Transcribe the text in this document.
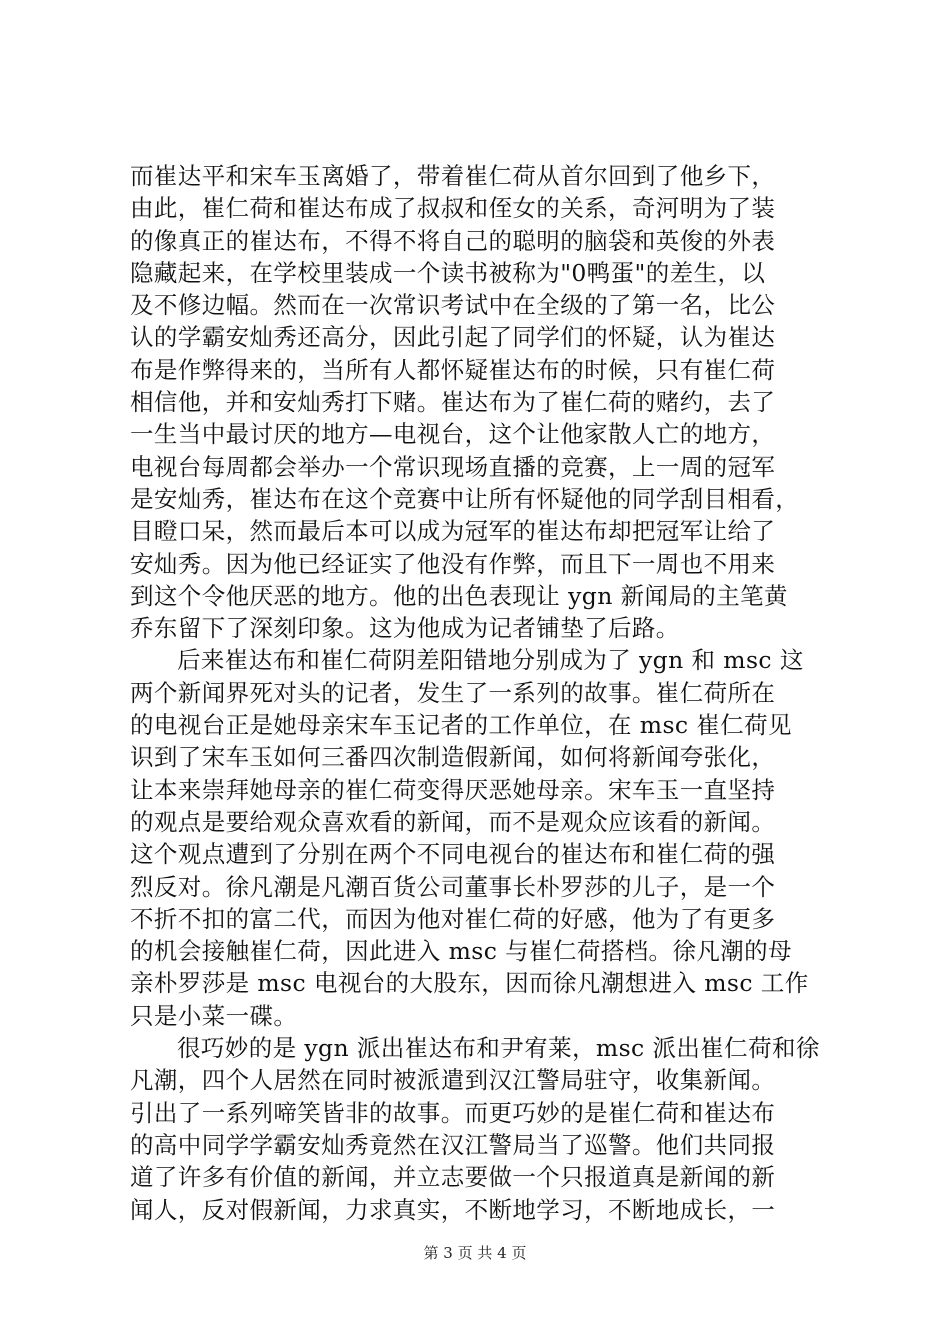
而崔达平和宋车玉离婚了，带着崔仁荷从首尔回到了他乡下，
由此，崔仁荷和崔达布成了叔叔和侄女的关系，奇河明为了装
的像真正的崔达布，不得不将自己的聪明的脑袋和英俊的外表
隐藏起来，在学校里装成一个读书被称为"0鸭蛋"的差生，以
及不修边幅。然而在一次常识考试中在全级的了第一名，比公
认的学霸安灿秀还高分，因此引起了同学们的怀疑，认为崔达
布是作弊得来的，当所有人都怀疑崔达布的时候，只有崔仁荷
相信他，并和安灿秀打下赌。崔达布为了崔仁荷的赌约，去了
一生当中最讨厌的地方—电视台，这个让他家散人亡的地方，
电视台每周都会举办一个常识现场直播的竞赛，上一周的冠军
是安灿秀，崔达布在这个竞赛中让所有怀疑他的同学刮目相看，
目瞪口呆，然而最后本可以成为冠军的崔达布却把冠军让给了
安灿秀。因为他已经证实了他没有作弊，而且下一周也不用来
到这个令他厌恶的地方。他的出色表现让 ygn 新闻局的主笔黄
乔东留下了深刻印象。这为他成为记者铺垫了后路。
后来崔达布和崔仁荷阴差阳错地分别成为了 ygn 和 msc 这
两个新闻界死对头的记者，发生了一系列的故事。崔仁荷所在
的电视台正是她母亲宋车玉记者的工作单位，在 msc 崔仁荷见
识到了宋车玉如何三番四次制造假新闻，如何将新闻夸张化，
让本来崇拜她母亲的崔仁荷变得厌恶她母亲。宋车玉一直坚持
的观点是要给观众喜欢看的新闻，而不是观众应该看的新闻。
这个观点遭到了分别在两个不同电视台的崔达布和崔仁荷的强
烈反对。徐凡潮是凡潮百货公司董事长朴罗莎的儿子，是一个
不折不扣的富二代，而因为他对崔仁荷的好感，他为了有更多
的机会接触崔仁荷，因此进入 msc 与崔仁荷搭档。徐凡潮的母
亲朴罗莎是 msc 电视台的大股东，因而徐凡潮想进入 msc 工作
只是小菜一碟。
很巧妙的是 ygn 派出崔达布和尹宥莱，msc 派出崔仁荷和徐
凡潮，四个人居然在同时被派遣到汉江警局驻守，收集新闻。
引出了一系列啼笑皆非的故事。而更巧妙的是崔仁荷和崔达布
的高中同学学霸安灿秀竟然在汉江警局当了巡警。他们共同报
道了许多有价值的新闻，并立志要做一个只报道真是新闻的新
闻人，反对假新闻，力求真实，不断地学习，不断地成长，一
第 3 页 共 4 页
